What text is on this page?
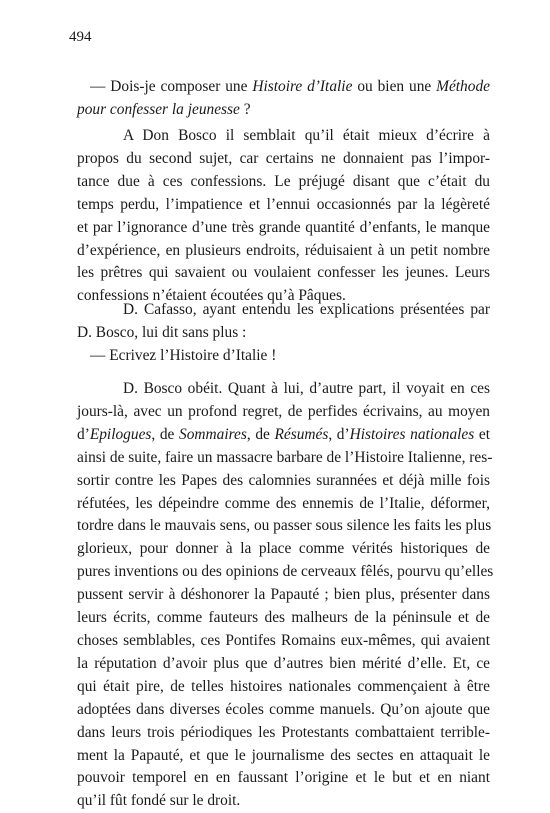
494
— Dois-je composer une Histoire d’Italie ou bien une Méthode
pour confesser la jeunesse ?
A Don Bosco il semblait qu’il était mieux d’écrire à
propos du second sujet, car certains ne donnaient pas l’impor-
tance due à ces confessions. Le préjugé disant que c’était du
temps perdu, l’impatience et l’ennui occasionnés par la légèreté
et par l’ignorance d’une très grande quantité d’enfants, le manque
d’expérience, en plusieurs endroits, réduisaient à un petit nombre
les prêtres qui savaient ou voulaient confesser les jeunes. Leurs
confessions n’étaient écoutées qu’à Pâques.
D. Cafasso, ayant entendu les explications présentées par
D. Bosco, lui dit sans plus :
— Ecrivez l’Histoire d’Italie !
D. Bosco obéit. Quant à lui, d’autre part, il voyait en ces
jours-là, avec un profond regret, de perfides écrivains, au moyen
d’Epilogues, de Sommaires, de Résumés, d’Histoires nationales et
ainsi de suite, faire un massacre barbare de l’Histoire Italienne, res-
sortir contre les Papes des calomnies surannées et déjà mille fois
réfutées, les dépeindre comme des ennemis de l’Italie, déformer,
tordre dans le mauvais sens, ou passer sous silence les faits les plus
glorieux, pour donner à la place comme vérités historiques de
pures inventions ou des opinions de cerveaux fêlés, pourvu qu’elles
pussent servir à déshonorer la Papauté ; bien plus, présenter dans
leurs écrits, comme fauteurs des malheurs de la péninsule et de
choses semblables, ces Pontifes Romains eux-mêmes, qui avaient
la réputation d’avoir plus que d’autres bien mérité d’elle. Et, ce
qui était pire, de telles histoires nationales commençaient à être
adoptées dans diverses écoles comme manuels. Qu’on ajoute que
dans leurs trois périodiques les Protestants combattaient terrible-
ment la Papauté, et que le journalisme des sectes en attaquait le
pouvoir temporel en en faussant l’origine et le but et en niant
qu’il fût fondé sur le droit.
